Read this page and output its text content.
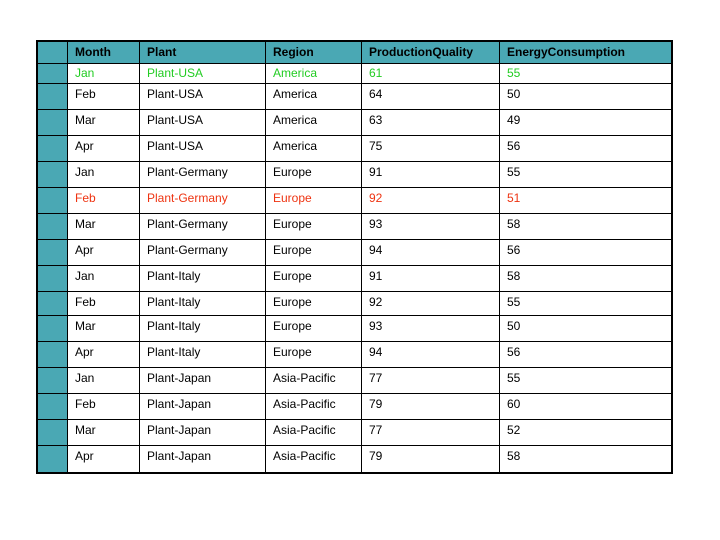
Month	Plant	Region	ProductionQuality	EnergyConsumption
Jan	Plant-USA	America	61	55
Feb	Plant-USA	America	64	50
Mar	Plant-USA	America	63	49
Apr	Plant-USA	America	75	56
Jan	Plant-Germany	Europe	91	55
Feb	Plant-Germany	Europe	92	51
Mar	Plant-Germany	Europe	93	58
Apr	Plant-Germany	Europe	94	56
Jan	Plant-Italy	Europe	91	58
Feb	Plant-Italy	Europe	92	55
Mar	Plant-Italy	Europe	93	50
Apr	Plant-Italy	Europe	94	56
Jan	Plant-Japan	Asia-Pacific	77	55
Feb	Plant-Japan	Asia-Pacific	79	60
Mar	Plant-Japan	Asia-Pacific	77	52
Apr	Plant-Japan	Asia-Pacific	79	58
